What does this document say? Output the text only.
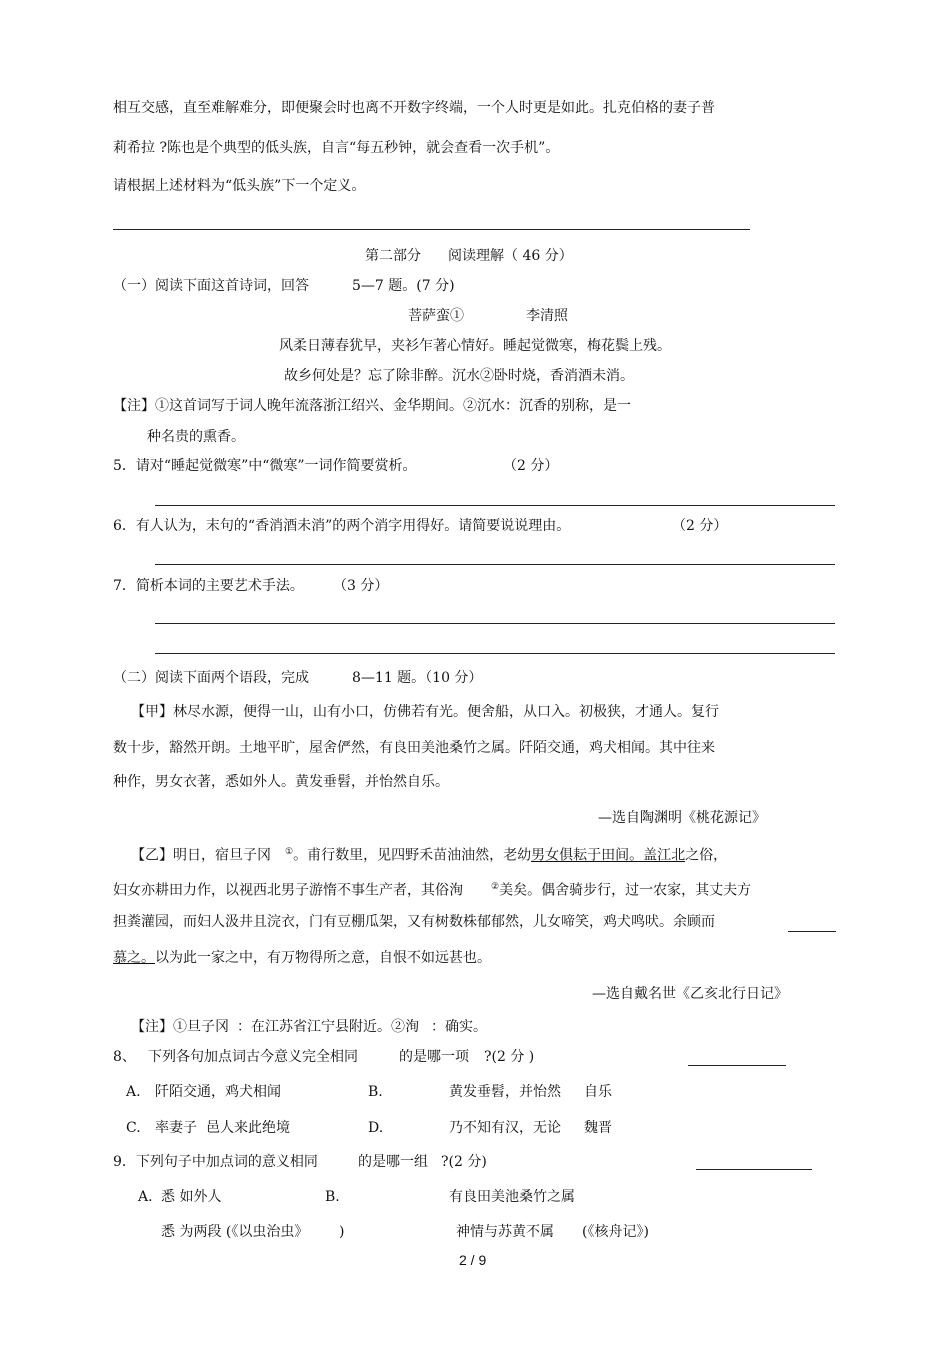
相互交感，直至难解难分，即便聚会时也离不开数字终端，一个人时更是如此。扎克伯格的妻子普
莉希拉 ?陈也是个典型的低头族，自言“每五秒钟，就会查看一次手机”。
请根据上述材料为“低头族”下一个定义。
第二部分 阅读理解（ 46 分）
（一）阅读下面这首诗词，回答	5—7 题。(7 分)
菩萨蛮①	李清照
风柔日薄春犹早，夹衫乍著心情好。睡起觉微寒，梅花鬓上残。
故乡何处是？忘了除非醉。沉水②卧时烧，香消酒未消。
【注】①这首词写于词人晚年流落浙江绍兴、金华期间。②沉水：沉香的别称，是一
种名贵的熏香。
5．请对“睡起觉微寒”中“微寒”一词作简要赏析。	（2 分）
6．有人认为，末句的“香消酒未消”的两个消字用得好。请简要说说理由。	（2 分）
7．简析本词的主要艺术手法。 （3 分）
（二）阅读下面两个语段，完成	8—11 题。（10 分）
【甲】林尽水源，便得一山，山有小口，仿佛若有光。便舍船，从口入。初极狭，才通人。复行
数十步，豁然开朗。土地平旷，屋舍俨然，有良田美池桑竹之属。阡陌交通，鸡犬相闻。其中往来
种作，男女衣著，悉如外人。黄发垂髫，并怡然自乐。
—选自陶渊明《桃花源记》
【乙】明日，宿旦子冈 ①。甫行数里，见四野禾苗油油然，老幼男女俱耘于田间。盖江北之俗，
妇女亦耕田力作，以视西北男子游惰不事生产者，其俗洵	②美矣。偶舍骑步行，过一农家，其丈夫方
担粪灌园，而妇人汲井且浣衣，门有豆棚瓜架，又有树数株郁郁然，儿女啼笑，鸡犬鸣吠。余顾而
慕之。以为此一家之中，有万物得所之意，自恨不如远甚也。
—选自戴名世《乙亥北行日记》
【注】①旦子冈 ：在江苏省江宁县附近。②洵 ：确实。
8、 下列各句加点词古今意义完全相同	的是哪一项 ?(2 分 )
A. 阡陌交通，鸡犬相闻	B.	黄发垂髫，并怡然 自乐
C. 率妻子 邑人来此绝境	D.	乃不知有汉，无论 魏晋
9．下列句子中加点词的意义相同	的是哪一组 ?(2 分)
A. 悉 如外人	B.	有良田美池桑竹之属
悉 为两段 (《以虫治虫》 )	神情与苏黄不属 (《核舟记》)
2 / 9
